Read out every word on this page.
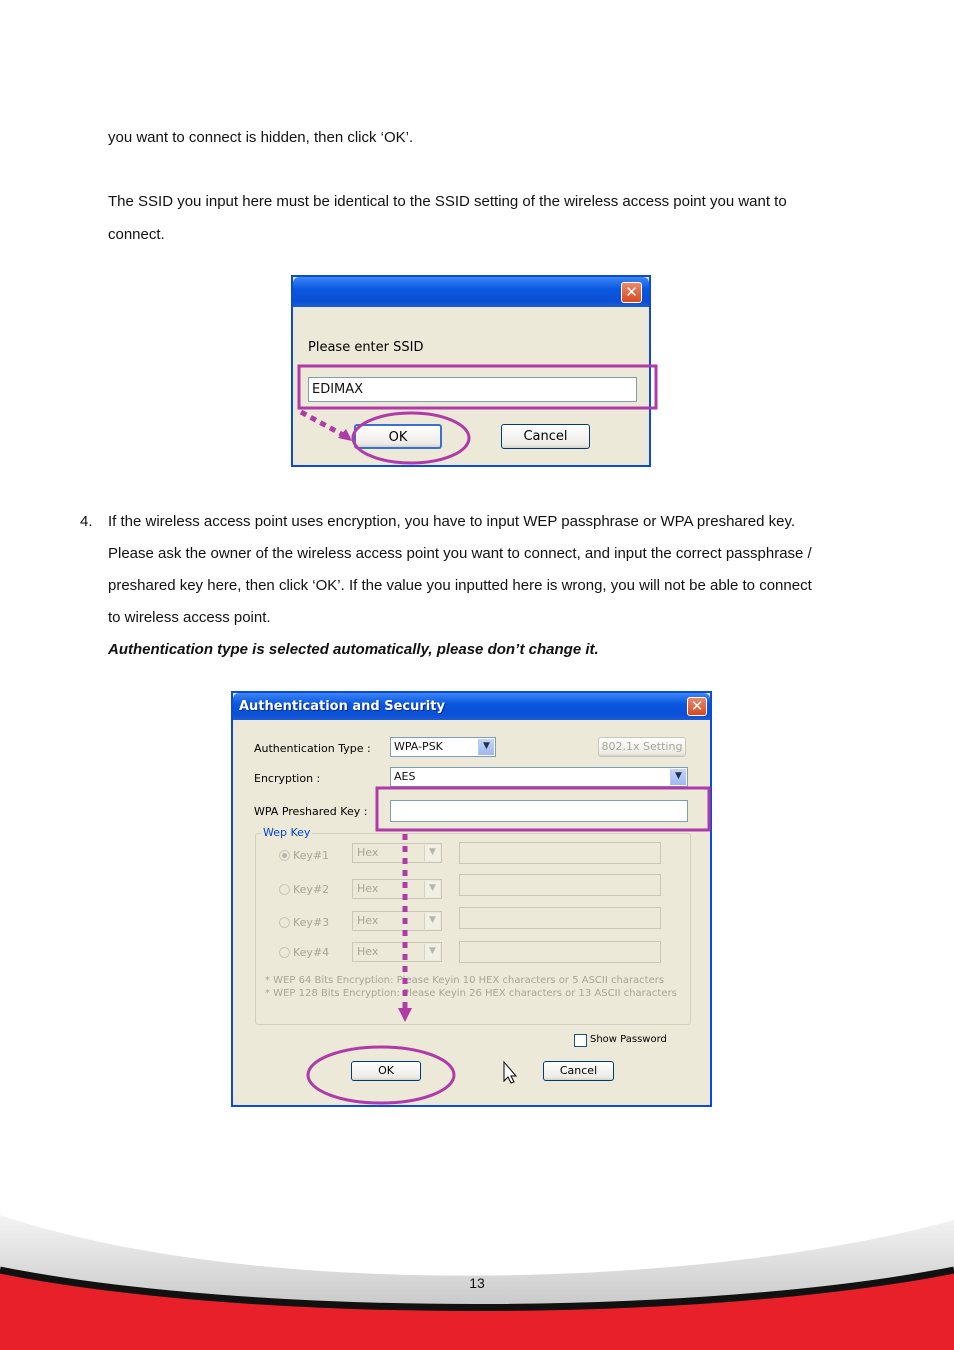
you want to connect is hidden, then click ‘OK’.

The SSID you input here must be identical to the SSID setting of the wireless access point you want to

connect.

✕
Please enter SSID
EDIMAX
OK	Cancel
4. If the wireless access point uses encryption, you have to input WEP passphrase or WPA preshared key.

Please ask the owner of the wireless access point you want to connect, and input the correct passphrase /

preshared key here, then click ‘OK’. If the value you inputted here is wrong, you will not be able to connect

to wireless access point.

Authentication type is selected automatically, please don’t change it.

Authentication and Security	✕
Authentication Type :	WPA-PSK	▼	802.1x Setting
Encryption :	AES	▼
WPA Preshared Key :
Wep Key
Key#1	Hex	▼
Key#2	Hex	▼
Key#3	Hex	▼
Key#4	Hex	▼
* WEP 64 Bits Encryption: Please Keyin 10 HEX characters or 5 ASCII characters
* WEP 128 Bits Encryption: Please Keyin 26 HEX characters or 13 ASCII characters
Show Password
OK	Cancel
13
